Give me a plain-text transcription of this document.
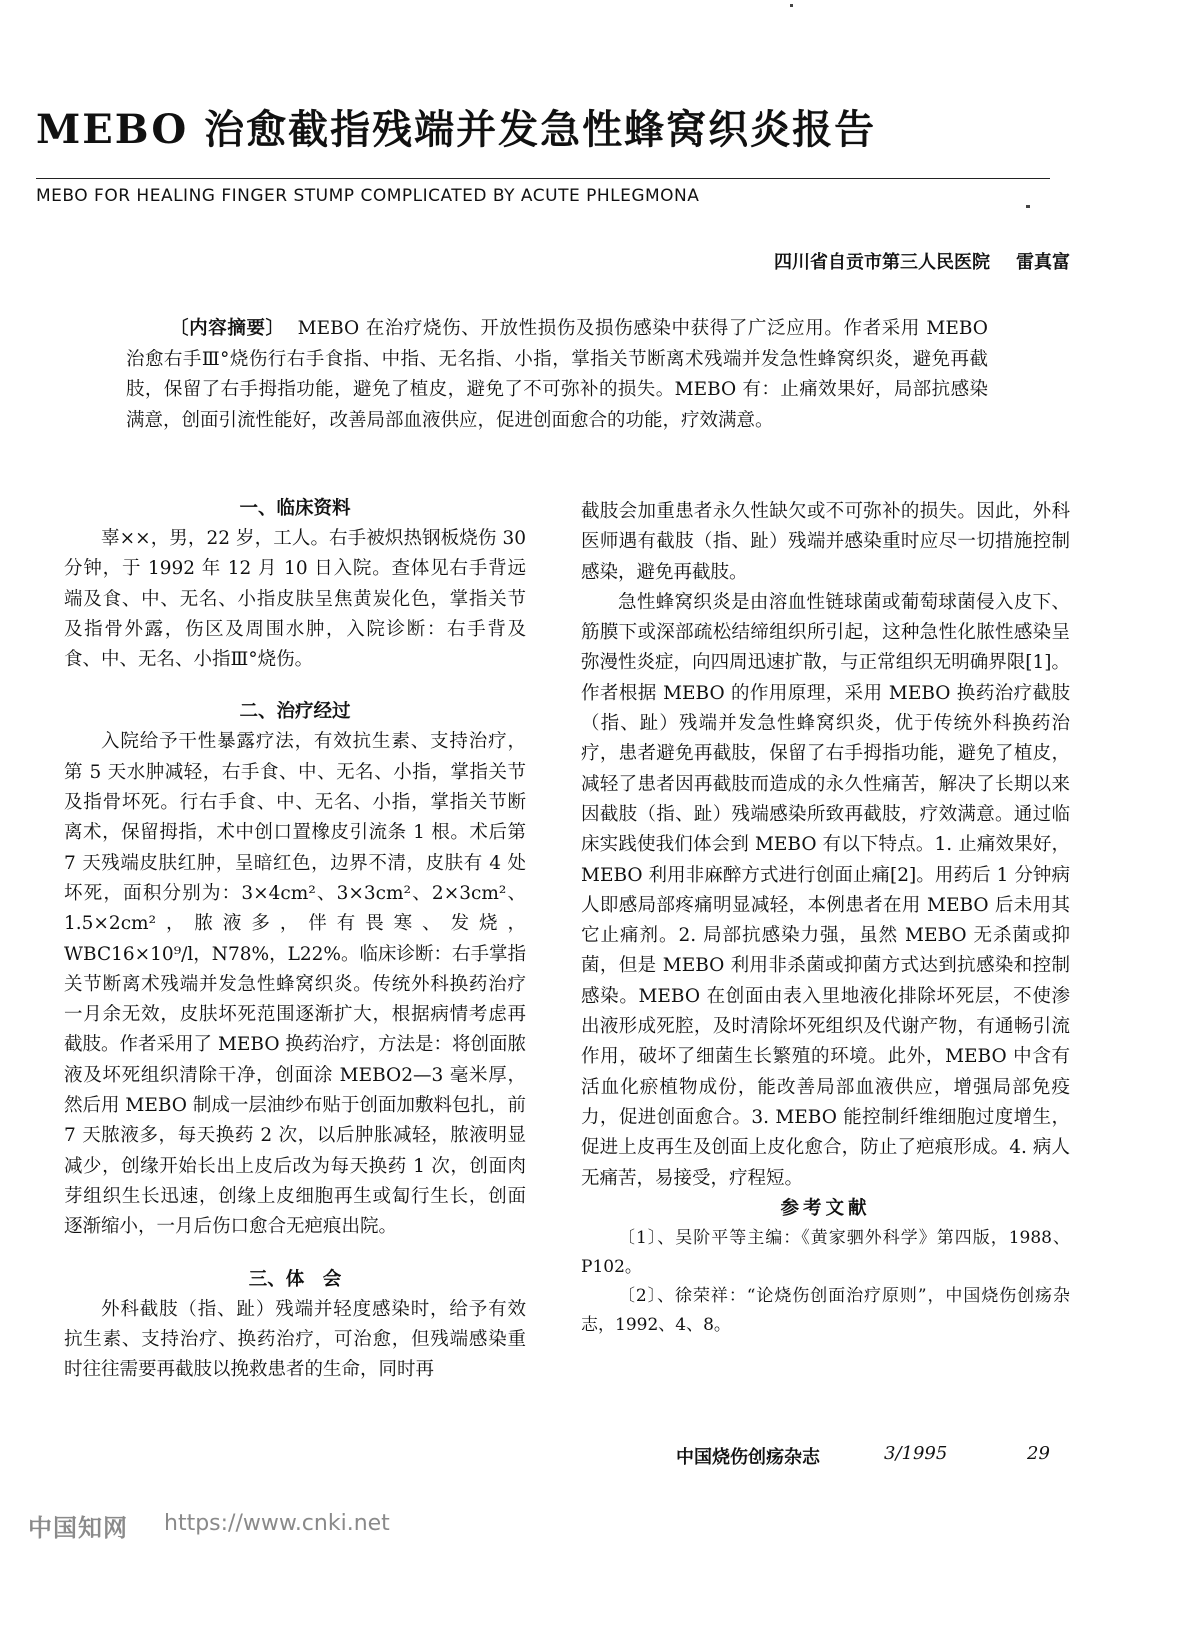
MEBO 治愈截指残端并发急性蜂窝织炎报告
MEBO FOR HEALING FINGER STUMP COMPLICATED BY ACUTE PHLEGMONA
四川省自贡市第三人民医院 雷真富
〔内容摘要〕 MEBO 在治疗烧伤、开放性损伤及损伤感染中获得了广泛应用。作者采用 MEBO 治愈右手Ⅲ°烧伤行右手食指、中指、无名指、小指，掌指关节断离术残端并发急性蜂窝织炎，避免再截肢，保留了右手拇指功能，避免了植皮，避免了不可弥补的损失。MEBO 有：止痛效果好，局部抗感染满意，创面引流性能好，改善局部血液供应，促进创面愈合的功能，疗效满意。
一、临床资料

辜××，男，22 岁，工人。右手被炽热钢板烧伤 30 分钟，于 1992 年 12 月 10 日入院。查体见右手背远端及食、中、无名、小指皮肤呈焦黄炭化色，掌指关节及指骨外露，伤区及周围水肿，入院诊断：右手背及食、中、无名、小指Ⅲ°烧伤。

二、治疗经过

入院给予干性暴露疗法，有效抗生素、支持治疗，第 5 天水肿减轻，右手食、中、无名、小指，掌指关节及指骨坏死。行右手食、中、无名、小指，掌指关节断离术，保留拇指，术中创口置橡皮引流条 1 根。术后第 7 天残端皮肤红肿，呈暗红色，边界不清，皮肤有 4 处坏死，面积分别为：3×4cm²、3×3cm²、2×3cm²、1.5×2cm²，脓液多，伴有畏寒、发烧，WBC16×10⁹/l，N78%，L22%。临床诊断：右手掌指关节断离术残端并发急性蜂窝织炎。传统外科换药治疗一月余无效，皮肤坏死范围逐渐扩大，根据病情考虑再截肢。作者采用了 MEBO 换药治疗，方法是：将创面脓液及坏死组织清除干净，创面涂 MEBO2—3 毫米厚，然后用 MEBO 制成一层油纱布贴于创面加敷料包扎，前 7 天脓液多，每天换药 2 次，以后肿胀减轻，脓液明显减少，创缘开始长出上皮后改为每天换药 1 次，创面肉芽组织生长迅速，创缘上皮细胞再生或匐行生长，创面逐渐缩小，一月后伤口愈合无疤痕出院。

三、体　会

外科截肢（指、趾）残端并轻度感染时，给予有效抗生素、支持治疗、换药治疗，可治愈，但残端感染重时往往需要再截肢以挽救患者的生命，同时再

截肢会加重患者永久性缺欠或不可弥补的损失。因此，外科医师遇有截肢（指、趾）残端并感染重时应尽一切措施控制感染，避免再截肢。

急性蜂窝织炎是由溶血性链球菌或葡萄球菌侵入皮下、筋膜下或深部疏松结缔组织所引起，这种急性化脓性感染呈弥漫性炎症，向四周迅速扩散，与正常组织无明确界限[1]。作者根据 MEBO 的作用原理，采用 MEBO 换药治疗截肢（指、趾）残端并发急性蜂窝织炎，优于传统外科换药治疗，患者避免再截肢，保留了右手拇指功能，避免了植皮，减轻了患者因再截肢而造成的永久性痛苦，解决了长期以来因截肢（指、趾）残端感染所致再截肢，疗效满意。通过临床实践使我们体会到 MEBO 有以下特点。1. 止痛效果好，MEBO 利用非麻醉方式进行创面止痛[2]。用药后 1 分钟病人即感局部疼痛明显减轻，本例患者在用 MEBO 后未用其它止痛剂。2. 局部抗感染力强，虽然 MEBO 无杀菌或抑菌，但是 MEBO 利用非杀菌或抑菌方式达到抗感染和控制感染。MEBO 在创面由表入里地液化排除坏死层，不使渗出液形成死腔，及时清除坏死组织及代谢产物，有通畅引流作用，破坏了细菌生长繁殖的环境。此外，MEBO 中含有活血化瘀植物成份，能改善局部血液供应，增强局部免疫力，促进创面愈合。3. MEBO 能控制纤维细胞过度增生，促进上皮再生及创面上皮化愈合，防止了疤痕形成。4. 病人无痛苦，易接受，疗程短。

参考文献

〔1〕、吴阶平等主编：《黄家驷外科学》第四版，1988、P102。

〔2〕、徐荣祥：“论烧伤创面治疗原则”，中国烧伤创疡杂志，1992、4、8。

中国烧伤创疡杂志	3/1995	29
中国知网 https://www.cnki.net
